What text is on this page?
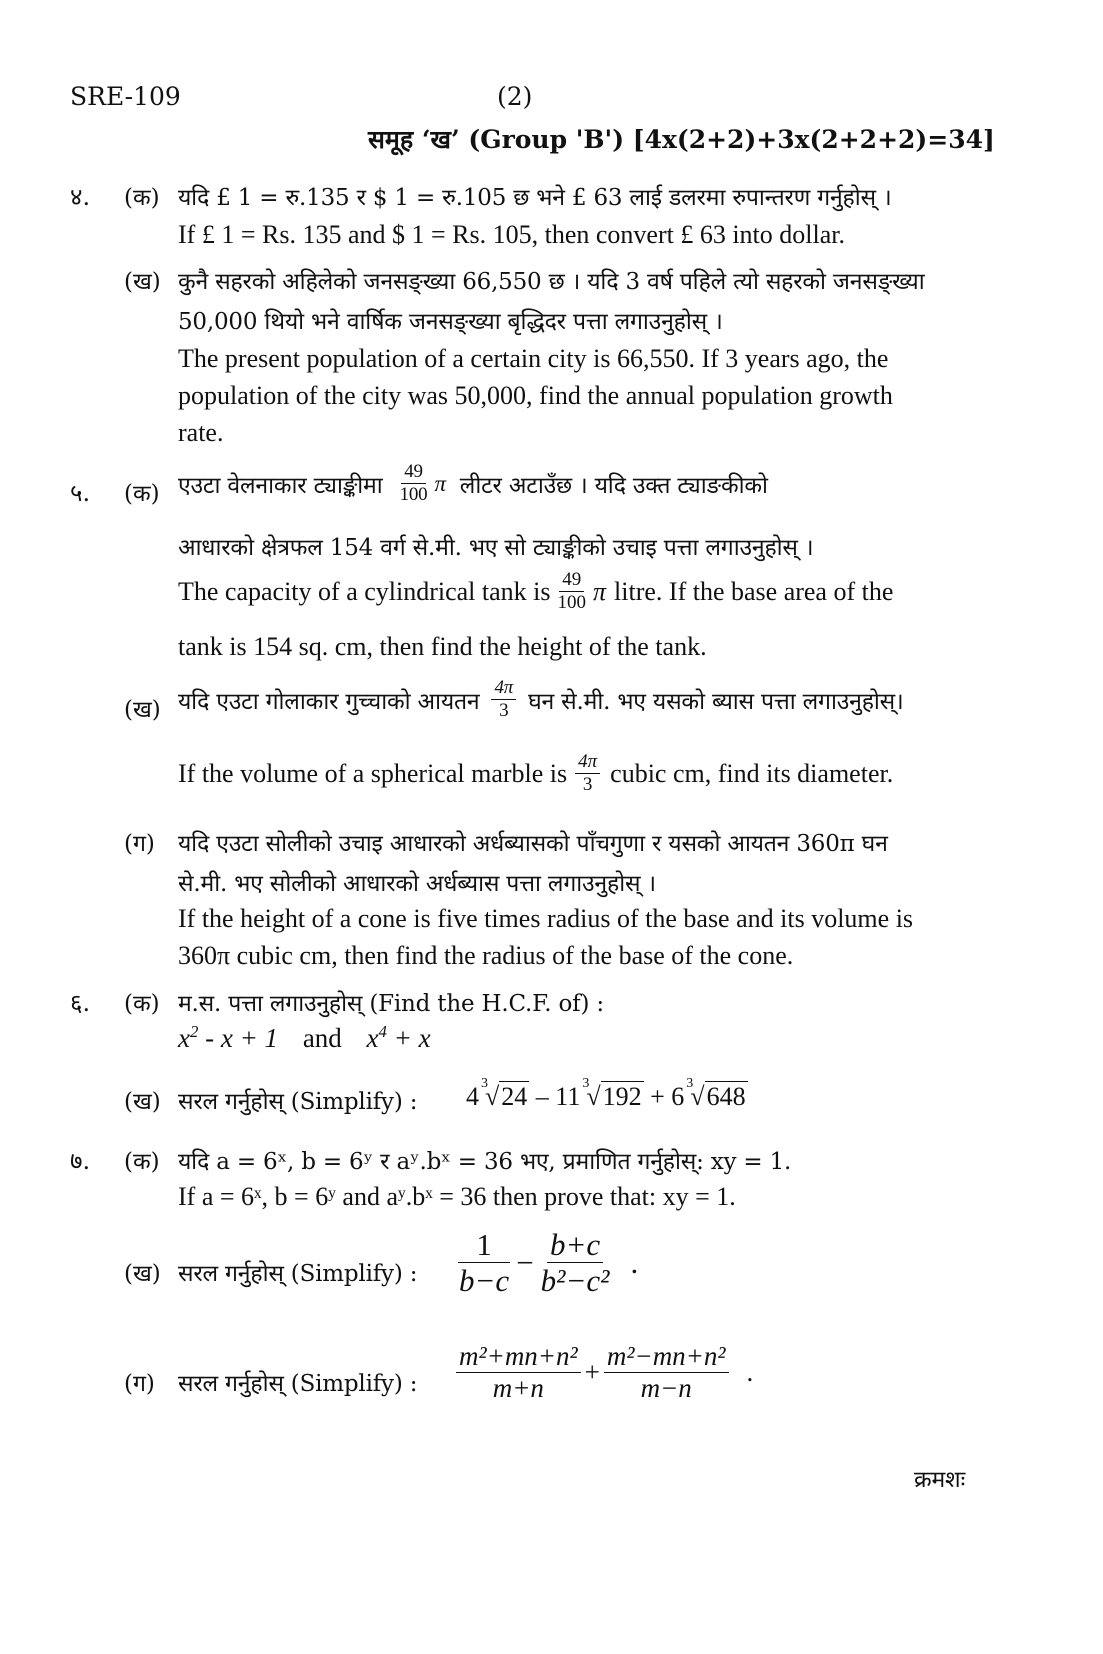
SRE-109	(2)
समूह ‘ख’ (Group 'B') [4x(2+2)+3x(2+2+2)=34]
४. (क) यदि £ 1 = रु.135 र $ 1 = रु.105 छ भने £ 63 लाई डलरमा रुपान्तरण गर्नुहोस् ।
If £ 1 = Rs. 135 and $ 1 = Rs. 105, then convert £ 63 into dollar.
(ख) कुनै सहरको अहिलेको जनसङ्ख्या 66,550 छ । यदि 3 वर्ष पहिले त्यो सहरको जनसङ्ख्या
50,000 थियो भने वार्षिक जनसङ्ख्या बृद्धिदर पत्ता लगाउनुहोस् ।
The present population of a certain city is 66,550. If 3 years ago, the
population of the city was 50,000, find the annual population growth
rate.
५. (क) एउटा वेलनाकार ट्याङ्कीमा $\frac{49}{100}$ π लीटर अटाउँछ । यदि उक्त ट्याङकीको
आधारको क्षेत्रफल 154 वर्ग से.मी. भए सो ट्याङ्कीको उचाइ पत्ता लगाउनुहोस् ।
The capacity of a cylindrical tank is $\frac{49}{100}$ π litre. If the base area of the
tank is 154 sq. cm, then find the height of the tank.
(ख) यदि एउटा गोलाकार गुच्चाको आयतन $\frac{4\pi}{3}$ घन से.मी. भए यसको ब्यास पत्ता लगाउनुहोस्।
If the volume of a spherical marble is $\frac{4\pi}{3}$ cubic cm, find its diameter.
(ग) यदि एउटा सोलीको उचाइ आधारको अर्धब्यासको पाँचगुणा र यसको आयतन 360π घन
से.मी. भए सोलीको आधारको अर्धब्यास पत्ता लगाउनुहोस् ।
If the height of a cone is five times radius of the base and its volume is
360π cubic cm, then find the radius of the base of the cone.
६. (क) म.स. पत्ता लगाउनुहोस् (Find the H.C.F. of) :
$x^2 - x + 1$ and $x^4 + x$
(ख) सरल गर्नुहोस् (Simplify) : 4 3
√24 – 11 3
√192 + 6 3
√648
७. (क) यदि a = 6ˣ, b = 6ʸ र aʸ.bˣ = 36 भए, प्रमाणित गर्नुहोस्: xy = 1.
If a = 6ˣ, b = 6ʸ and aʸ.bˣ = 36 then prove that: xy = 1.
(ख) सरल गर्नुहोस् (Simplify) : $\frac{1}{b-c} - \frac{b+c}{\text{b²−c²}}$ .
(ग) सरल गर्नुहोस् (Simplify) : $\frac{\text{m²+mn+n²}}{m+n} + \frac{\text{m²−mn+n²}}{m-n}$ .
क्रमशः
